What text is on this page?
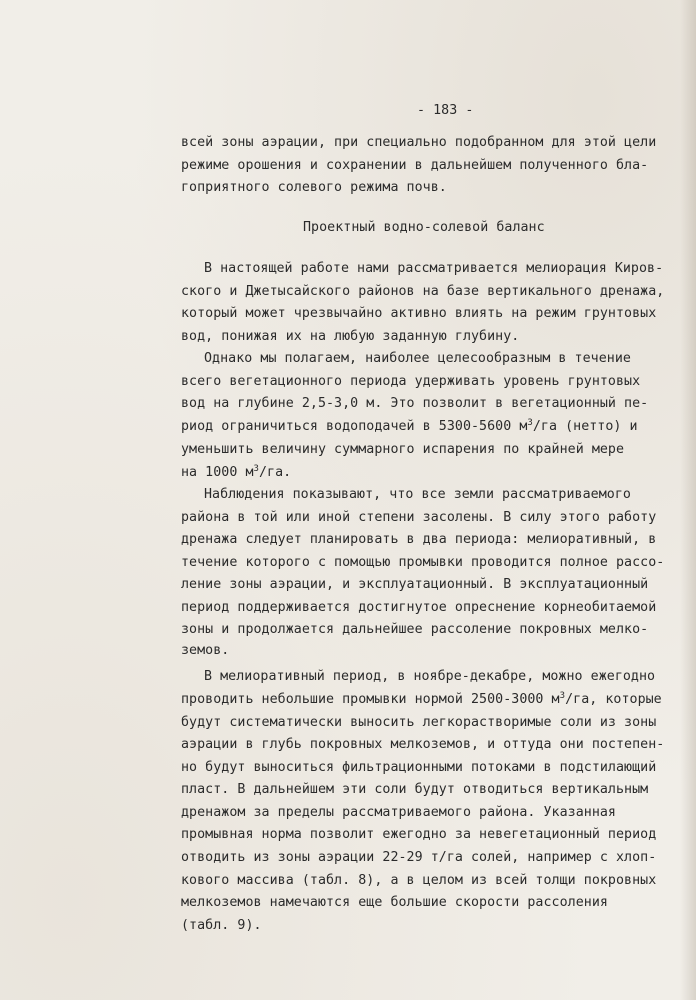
- 183 -
всей зоны аэрации, при специально подобранном для этой цели
режиме орошения и сохранении в дальнейшем полученного бла-
гоприятного солевого режима почв.
Проектный водно-солевой баланс
В настоящей работе нами рассматривается мелиорация Киров-
ского и Джетысайского районов на базе вертикального дренажа,
который может чрезвычайно активно влиять на режим грунтовых
вод, понижая их на любую заданную глубину.
Однако мы полагаем, наиболее целесообразным в течение
всего вегетационного периода удерживать уровень грунтовых
вод на глубине 2,5-3,0 м. Это позволит в вегетационный пе-
риод ограничиться водоподачей в 5300-5600 $м^3/га$ (нетто) и
уменьшить величину суммарного испарения по крайней мере
на 1000 $м^3/га$.
Наблюдения показывают, что все земли рассматриваемого
района в той или иной степени засолены. В силу этого работу
дренажа следует планировать в два периода: мелиоративный, в
течение которого с помощью промывки проводится полное рассо-
ление зоны аэрации, и эксплуатационный. В эксплуатационный
период поддерживается достигнутое опреснение корнеобитаемой
зоны и продолжается дальнейшее рассоление покровных мелко-
земов.
В мелиоративный период, в ноябре-декабре, можно ежегодно
проводить небольшие промывки нормой 2500-3000 $м^3/га$, которые
будут систематически выносить легкорастворимые соли из зоны
аэрации в глубь покровных мелкоземов, и оттуда они постепен-
но будут выноситься фильтрационными потоками в подстилающий
пласт. В дальнейшем эти соли будут отводиться вертикальным
дренажом за пределы рассматриваемого района. Указанная
промывная норма позволит ежегодно за невегетационный период
отводить из зоны аэрации 22-29 т/га солей, например с хлоп-
кового массива (табл. 8), а в целом из всей толщи покровных
мелкоземов намечаются еще большие скорости рассоления
(табл. 9).
